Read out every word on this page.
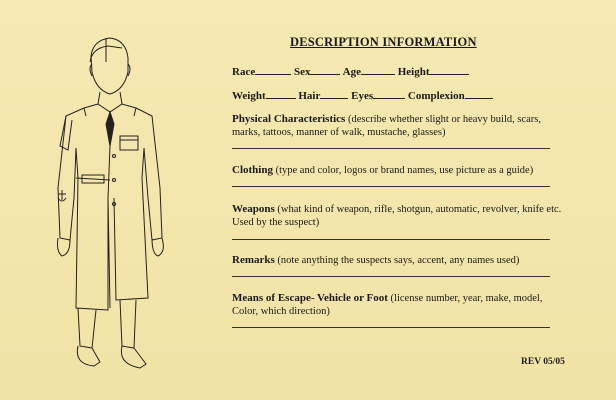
DESCRIPTION INFORMATION
Race	Sex	Age	Height
Weight	Hair	Eyes	Complexion
Physical Characteristics (describe whether slight or heavy build, scars, marks, tattoos, manner of walk, mustache, glasses)
Clothing (type and color, logos or brand names, use picture as a guide)
Weapons (what kind of weapon, rifle, shotgun, automatic, revolver, knife etc. Used by the suspect)
Remarks (note anything the suspects says, accent, any names used)
Means of Escape- Vehicle or Foot (license number, year, make, model, Color, which direction)
REV 05/05
